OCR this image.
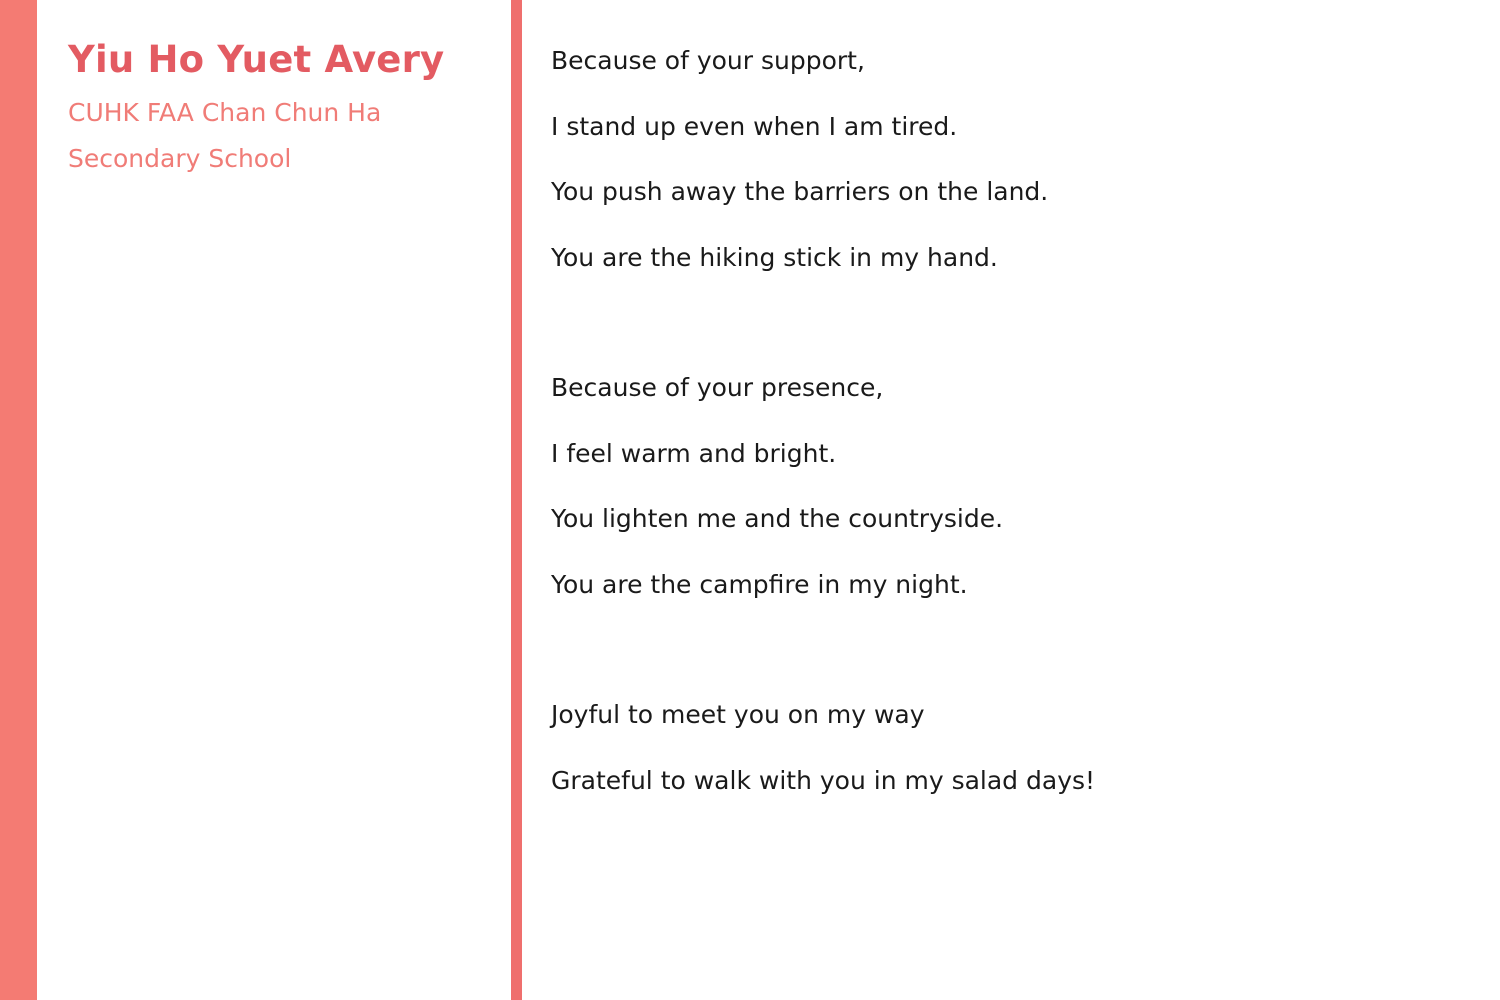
Yiu Ho Yuet Avery

CUHK FAA Chan Chun Ha Secondary School

Because of your support,

I stand up even when I am tired.

You push away the barriers on the land.

You are the hiking stick in my hand.

Because of your presence,

I feel warm and bright.

You lighten me and the countryside.

You are the campfire in my night.

Joyful to meet you on my way

Grateful to walk with you in my salad days!
